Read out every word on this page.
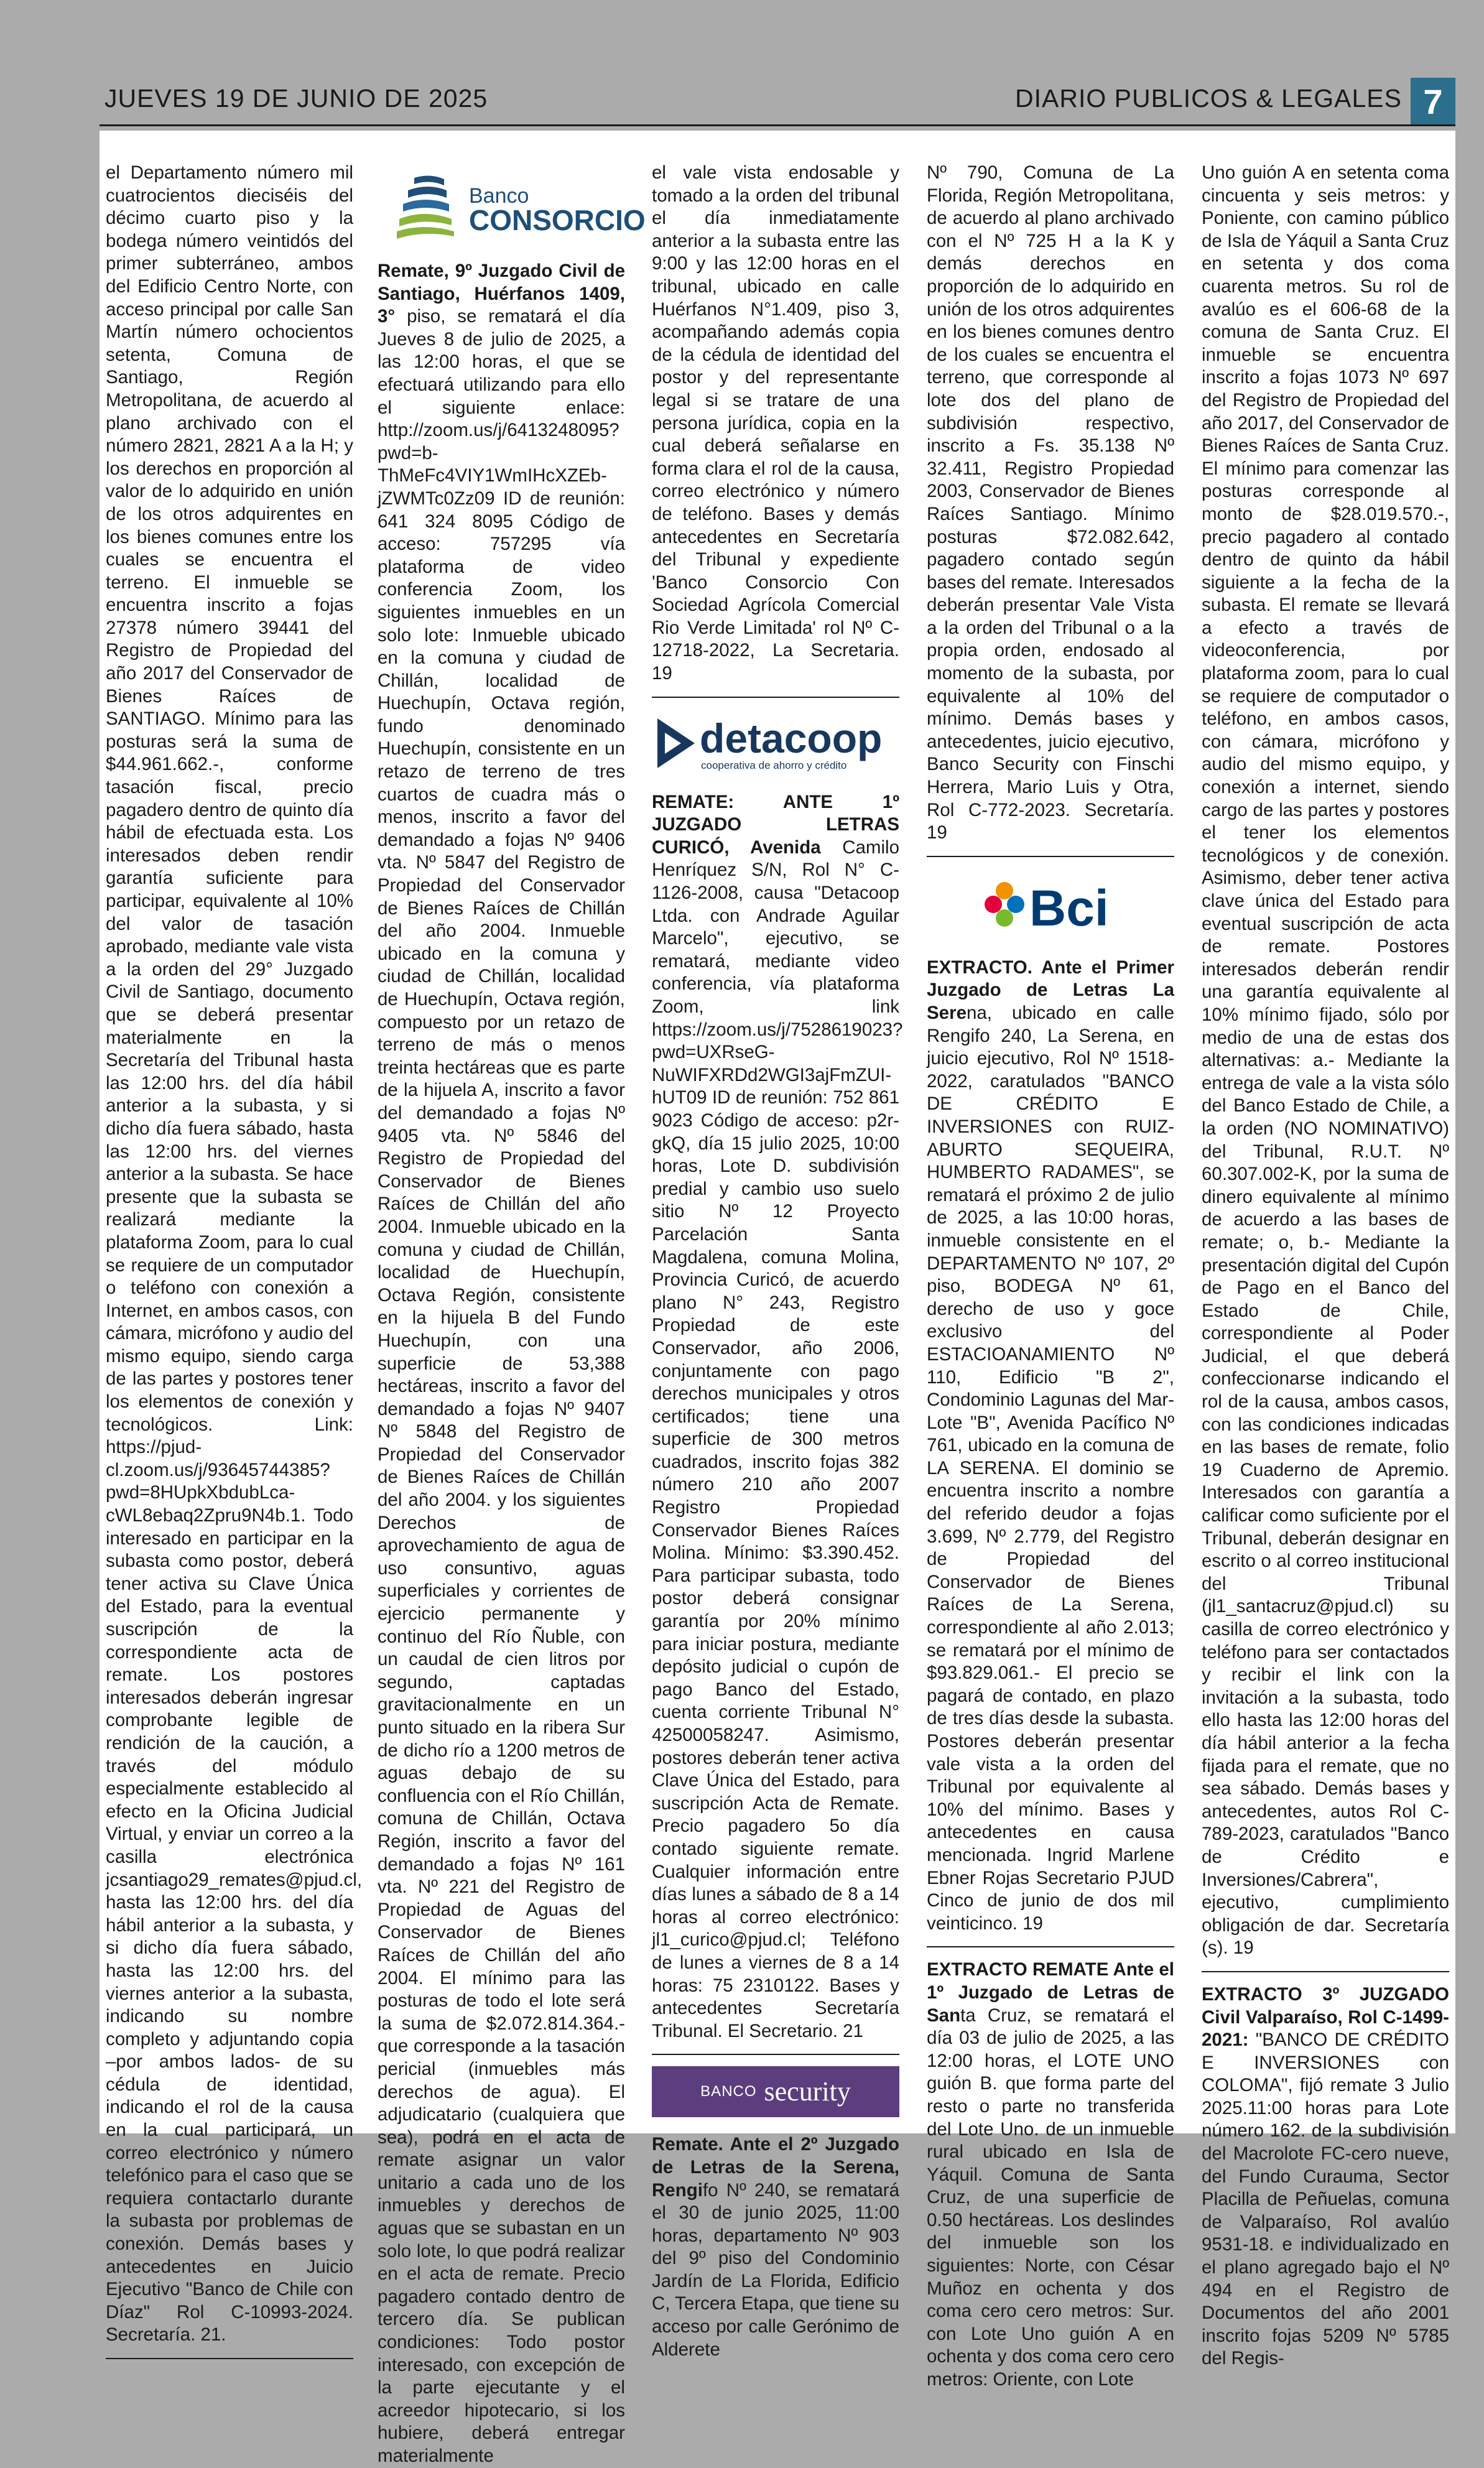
JUEVES 19 DE JUNIO DE 2025	DIARIO PUBLICOS & LEGALES 7

el Departamento número mil cuatrocientos dieciséis del décimo cuarto piso y la bodega número veintidós del primer subterráneo, ambos del Edificio Centro Norte, con acceso principal por calle San Martín número ochocientos setenta, Comuna de Santiago, Región Metropolitana, de acuerdo al plano archivado con el número 2821, 2821 A a la H; y los derechos en proporción al valor de lo adquirido en unión de los otros adquirentes en los bienes comunes entre los cuales se encuentra el terreno. El inmueble se encuentra inscrito a fojas 27378 número 39441 del Registro de Propiedad del año 2017 del Conservador de Bienes Raíces de SANTIAGO. Mínimo para las posturas será la suma de $44.961.662.-, conforme tasación fiscal, precio pagadero dentro de quinto día hábil de efectuada esta. Los interesados deben rendir garantía suficiente para participar, equivalente al 10% del valor de tasación aprobado, mediante vale vista a la orden del 29° Juzgado Civil de Santiago, documento que se deberá presentar materialmente en la Secretaría del Tribunal hasta las 12:00 hrs. del día hábil anterior a la subasta, y si dicho día fuera sábado, hasta las 12:00 hrs. del viernes anterior a la subasta. Se hace presente que la subasta se realizará mediante la plataforma Zoom, para lo cual se requiere de un computador o teléfono con conexión a Internet, en ambos casos, con cámara, micrófono y audio del mismo equipo, siendo carga de las partes y postores tener los elementos de conexión y tecnológicos. Link: https://pjud-cl.zoom.us/j/93645744385?pwd=8HUpkXbdubLca-cWL8ebaq2Zpru9N4b.1. Todo interesado en participar en la subasta como postor, deberá tener activa su Clave Única del Estado, para la eventual suscripción de la correspondiente acta de remate. Los postores interesados deberán ingresar comprobante legible de rendición de la caución, a través del módulo especialmente establecido al efecto en la Oficina Judicial Virtual, y enviar un correo a la casilla electrónica jcsantiago29_remates@pjud.cl, hasta las 12:00 hrs. del día hábil anterior a la subasta, y si dicho día fuera sábado, hasta las 12:00 hrs. del viernes anterior a la subasta, indicando su nombre completo y adjuntando copia –por ambos lados- de su cédula de identidad, indicando el rol de la causa en la cual participará, un correo electrónico y número telefónico para el caso que se requiera contactarlo durante la subasta por problemas de conexión. Demás bases y antecedentes en Juicio Ejecutivo "Banco de Chile con Díaz" Rol C-10993-2024. Secretaría. 21.

Banco
CONSORCIO

Remate, 9º Juzgado Civil de Santiago, Huérfanos 1409, 3° piso, se rematará el día Jueves 8 de julio de 2025, a las 12:00 horas, el que se efectuará utilizando para ello el siguiente enlace: http://zoom.us/j/6413248095?pwd=b-ThMeFc4VIY1WmIHcXZEb-jZWMTc0Zz09 ID de reunión: 641 324 8095 Código de acceso: 757295 vía plataforma de video conferencia Zoom, los siguientes inmuebles en un solo lote: Inmueble ubicado en la comuna y ciudad de Chillán, localidad de Huechupín, Octava región, fundo denominado Huechupín, consistente en un retazo de terreno de tres cuartos de cuadra más o menos, inscrito a favor del demandado a fojas Nº 9406 vta. Nº 5847 del Registro de Propiedad del Conservador de Bienes Raíces de Chillán del año 2004. Inmueble ubicado en la comuna y ciudad de Chillán, localidad de Huechupín, Octava región, compuesto por un retazo de terreno de más o menos treinta hectáreas que es parte de la hijuela A, inscrito a favor del demandado a fojas Nº 9405 vta. Nº 5846 del Registro de Propiedad del Conservador de Bienes Raíces de Chillán del año 2004. Inmueble ubicado en la comuna y ciudad de Chillán, localidad de Huechupín, Octava Región, consistente en la hijuela B del Fundo Huechupín, con una superficie de 53,388 hectáreas, inscrito a favor del demandado a fojas Nº 9407 Nº 5848 del Registro de Propiedad del Conservador de Bienes Raíces de Chillán del año 2004. y los siguientes Derechos de aprovechamiento de agua de uso consuntivo, aguas superficiales y corrientes de ejercicio permanente y continuo del Río Ñuble, con un caudal de cien litros por segundo, captadas gravitacionalmente en un punto situado en la ribera Sur de dicho río a 1200 metros de aguas debajo de su confluencia con el Río Chillán, comuna de Chillán, Octava Región, inscrito a favor del demandado a fojas Nº 161 vta. Nº 221 del Registro de Propiedad de Aguas del Conservador de Bienes Raíces de Chillán del año 2004. El mínimo para las posturas de todo el lote será la suma de $2.072.814.364.- que corresponde a la tasación pericial (inmuebles más derechos de agua). El adjudicatario (cualquiera que sea), podrá en el acta de remate asignar un valor unitario a cada uno de los inmuebles y derechos de aguas que se subastan en un solo lote, lo que podrá realizar en el acta de remate. Precio pagadero contado dentro de tercero día. Se publican condiciones: Todo postor interesado, con excepción de la parte ejecutante y el acreedor hipotecario, si los hubiere, deberá entregar materialmente

el vale vista endosable y tomado a la orden del tribunal el día inmediatamente anterior a la subasta entre las 9:00 y las 12:00 horas en el tribunal, ubicado en calle Huérfanos N°1.409, piso 3, acompañando además copia de la cédula de identidad del postor y del representante legal si se tratare de una persona jurídica, copia en la cual deberá señalarse en forma clara el rol de la causa, correo electrónico y número de teléfono. Bases y demás antecedentes en Secretaría del Tribunal y expediente 'Banco Consorcio Con Sociedad Agrícola Comercial Rio Verde Limitada' rol Nº C-12718-2022, La Secretaria. 19

detacoop
cooperativa de ahorro y crédito

REMATE: ANTE 1º JUZGADO LETRAS CURICÓ, Avenida Camilo Henríquez S/N, Rol N° C-1126-2008, causa "Detacoop Ltda. con Andrade Aguilar Marcelo", ejecutivo, se rematará, mediante video conferencia, vía plataforma Zoom, link https://zoom.us/j/7528619023?pwd=UXRseG-NuWIFXRDd2WGI3ajFmZUI-hUT09 ID de reunión: 752 861 9023 Código de acceso: p2r-gkQ, día 15 julio 2025, 10:00 horas, Lote D. subdivisión predial y cambio uso suelo sitio Nº 12 Proyecto Parcelación Santa Magdalena, comuna Molina, Provincia Curicó, de acuerdo plano N° 243, Registro Propiedad de este Conservador, año 2006, conjuntamente con pago derechos municipales y otros certificados; tiene una superficie de 300 metros cuadrados, inscrito fojas 382 número 210 año 2007 Registro Propiedad Conservador Bienes Raíces Molina. Mínimo: $3.390.452. Para participar subasta, todo postor deberá consignar garantía por 20% mínimo para iniciar postura, mediante depósito judicial o cupón de pago Banco del Estado, cuenta corriente Tribunal N° 42500058247. Asimismo, postores deberán tener activa Clave Única del Estado, para suscripción Acta de Remate. Precio pagadero 5o día contado siguiente remate. Cualquier información entre días lunes a sábado de 8 a 14 horas al correo electrónico: jl1_curico@pjud.cl; Teléfono de lunes a viernes de 8 a 14 horas: 75 2310122. Bases y antecedentes Secretaría Tribunal. El Secretario. 21

BANCO security

Remate. Ante el 2º Juzgado de Letras de la Serena, Rengifo Nº 240, se rematará el 30 de junio 2025, 11:00 horas, departamento Nº 903 del 9º piso del Condominio Jardín de La Florida, Edificio C, Tercera Etapa, que tiene su acceso por calle Gerónimo de Alderete

Nº 790, Comuna de La Florida, Región Metropolitana, de acuerdo al plano archivado con el Nº 725 H a la K y demás derechos en proporción de lo adquirido en unión de los otros adquirentes en los bienes comunes dentro de los cuales se encuentra el terreno, que corresponde al lote dos del plano de subdivisión respectivo, inscrito a Fs. 35.138 Nº 32.411, Registro Propiedad 2003, Conservador de Bienes Raíces Santiago. Mínimo posturas $72.082.642, pagadero contado según bases del remate. Interesados deberán presentar Vale Vista a la orden del Tribunal o a la propia orden, endosado al momento de la subasta, por equivalente al 10% del mínimo. Demás bases y antecedentes, juicio ejecutivo, Banco Security con Finschi Herrera, Mario Luis y Otra, Rol C-772-2023. Secretaría. 19

Bci

EXTRACTO. Ante el Primer Juzgado de Letras La Serena, ubicado en calle Rengifo 240, La Serena, en juicio ejecutivo, Rol Nº 1518-2022, caratulados "BANCO DE CRÉDITO E INVERSIONES con RUIZ-ABURTO SEQUEIRA, HUMBERTO RADAMES", se rematará el próximo 2 de julio de 2025, a las 10:00 horas, inmueble consistente en el DEPARTAMENTO Nº 107, 2º piso, BODEGA Nº 61, derecho de uso y goce exclusivo del ESTACIOANAMIENTO Nº 110, Edificio "B 2", Condominio Lagunas del Mar-Lote "B", Avenida Pacífico Nº 761, ubicado en la comuna de LA SERENA. El dominio se encuentra inscrito a nombre del referido deudor a fojas 3.699, Nº 2.779, del Registro de Propiedad del Conservador de Bienes Raíces de La Serena, correspondiente al año 2.013; se rematará por el mínimo de $93.829.061.- El precio se pagará de contado, en plazo de tres días desde la subasta. Postores deberán presentar vale vista a la orden del Tribunal por equivalente al 10% del mínimo. Bases y antecedentes en causa mencionada. Ingrid Marlene Ebner Rojas Secretario PJUD Cinco de junio de dos mil veinticinco. 19

EXTRACTO REMATE Ante el 1º Juzgado de Letras de Santa Cruz, se rematará el día 03 de julio de 2025, a las 12:00 horas, el LOTE UNO guión B. que forma parte del resto o parte no transferida del Lote Uno. de un inmueble rural ubicado en Isla de Yáquil. Comuna de Santa Cruz, de una superficie de 0.50 hectáreas. Los deslindes del inmueble son los siguientes: Norte, con César Muñoz en ochenta y dos coma cero cero metros: Sur. con Lote Uno guión A en ochenta y dos coma cero cero metros: Oriente, con Lote

Uno guión A en setenta coma cincuenta y seis metros: y Poniente, con camino público de Isla de Yáquil a Santa Cruz en setenta y dos coma cuarenta metros. Su rol de avalúo es el 606-68 de la comuna de Santa Cruz. El inmueble se encuentra inscrito a fojas 1073 Nº 697 del Registro de Propiedad del año 2017, del Conservador de Bienes Raíces de Santa Cruz. El mínimo para comenzar las posturas corresponde al monto de $28.019.570.-, precio pagadero al contado dentro de quinto da hábil siguiente a la fecha de la subasta. El remate se llevará a efecto a través de videoconferencia, por plataforma zoom, para lo cual se requiere de computador o teléfono, en ambos casos, con cámara, micrófono y audio del mismo equipo, y conexión a internet, siendo cargo de las partes y postores el tener los elementos tecnológicos y de conexión. Asimismo, deber tener activa clave única del Estado para eventual suscripción de acta de remate. Postores interesados deberán rendir una garantía equivalente al 10% mínimo fijado, sólo por medio de una de estas dos alternativas: a.- Mediante la entrega de vale a la vista sólo del Banco Estado de Chile, a la orden (NO NOMINATIVO) del Tribunal, R.U.T. Nº 60.307.002-K, por la suma de dinero equivalente al mínimo de acuerdo a las bases de remate; o, b.- Mediante la presentación digital del Cupón de Pago en el Banco del Estado de Chile, correspondiente al Poder Judicial, el que deberá confeccionarse indicando el rol de la causa, ambos casos, con las condiciones indicadas en las bases de remate, folio 19 Cuaderno de Apremio. Interesados con garantía a calificar como suficiente por el Tribunal, deberán designar en escrito o al correo institucional del Tribunal (jl1_santacruz@pjud.cl) su casilla de correo electrónico y teléfono para ser contactados y recibir el link con la invitación a la subasta, todo ello hasta las 12:00 horas del día hábil anterior a la fecha fijada para el remate, que no sea sábado. Demás bases y antecedentes, autos Rol C-789-2023, caratulados "Banco de Crédito e Inversiones/Cabrera", ejecutivo, cumplimiento obligación de dar. Secretaría (s). 19

EXTRACTO 3º JUZGADO Civil Valparaíso, Rol C-1499-2021: "BANCO DE CRÉDITO E INVERSIONES con COLOMA", fijó remate 3 Julio 2025.11:00 horas para Lote número 162. de la subdivisión del Macrolote FC-cero nueve, del Fundo Curauma, Sector Placilla de Peñuelas, comuna de Valparaíso, Rol avalúo 9531-18. e individualizado en el plano agregado bajo el Nº 494 en el Registro de Documentos del año 2001 inscrito fojas 5209 Nº 5785 del Regis-
